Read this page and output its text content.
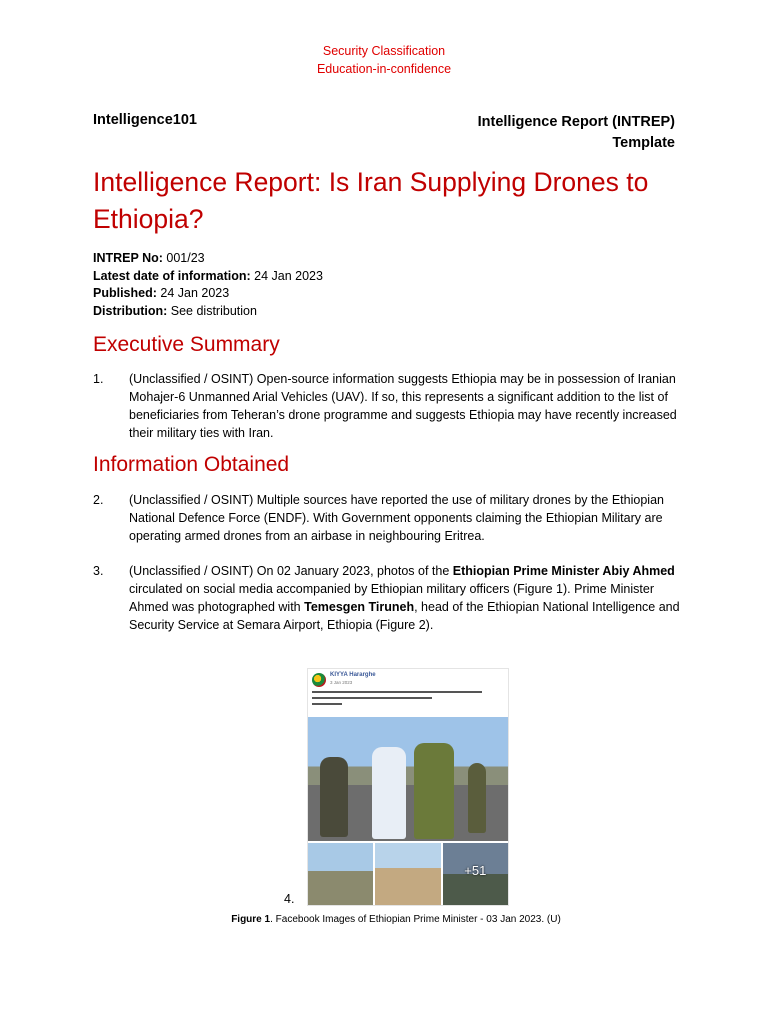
Security Classification
Education-in-confidence
Intelligence101	Intelligence Report (INTREP)
Template
Intelligence Report: Is Iran Supplying Drones to Ethiopia?
INTREP No: 001/23
Latest date of information: 24 Jan 2023
Published: 24 Jan 2023
Distribution: See distribution
Executive Summary
1. (Unclassified / OSINT) Open-source information suggests Ethiopia may be in possession of Iranian Mohajer-6 Unmanned Arial Vehicles (UAV). If so, this represents a significant addition to the list of beneficiaries from Teheran’s drone programme and suggests Ethiopia may have recently increased their military ties with Iran.
Information Obtained
2. (Unclassified / OSINT) Multiple sources have reported the use of military drones by the Ethiopian National Defence Force (ENDF). With Government opponents claiming the Ethiopian Military are operating armed drones from an airbase in neighbouring Eritrea.
3. (Unclassified / OSINT) On 02 January 2023, photos of the Ethiopian Prime Minister Abiy Ahmed circulated on social media accompanied by Ethiopian military officers (Figure 1). Prime Minister Ahmed was photographed with Temesgen Tiruneh, head of the Ethiopian National Intelligence and Security Service at Semara Airport, Ethiopia (Figure 2).
KIYYA Hararghe
3 Jan 2023
+51
4.
Figure 1. Facebook Images of Ethiopian Prime Minister - 03 Jan 2023. (U)
